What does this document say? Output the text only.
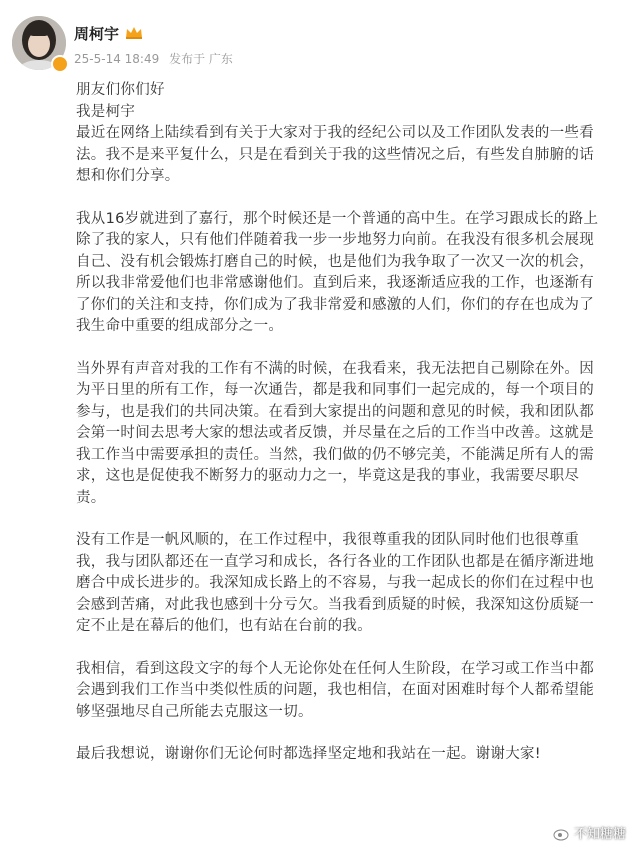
周柯宇
25-5-14 18:49 发布于 广东
朋友们你们好
我是柯宇
最近在网络上陆续看到有关于大家对于我的经纪公司以及工作团队发表的一些看
法。我不是来平复什么，只是在看到关于我的这些情况之后，有些发自肺腑的话
想和你们分享。
我从16岁就进到了嘉行，那个时候还是一个普通的高中生。在学习跟成长的路上
除了我的家人，只有他们伴随着我一步一步地努力向前。在我没有很多机会展现
自己、没有机会锻炼打磨自己的时候，也是他们为我争取了一次又一次的机会，
所以我非常爱他们也非常感谢他们。直到后来，我逐渐适应我的工作，也逐渐有
了你们的关注和支持，你们成为了我非常爱和感激的人们，你们的存在也成为了
我生命中重要的组成部分之一。
当外界有声音对我的工作有不满的时候，在我看来，我无法把自己剔除在外。因
为平日里的所有工作，每一次通告，都是我和同事们一起完成的，每一个项目的
参与，也是我们的共同决策。在看到大家提出的问题和意见的时候，我和团队都
会第一时间去思考大家的想法或者反馈，并尽量在之后的工作当中改善。这就是
我工作当中需要承担的责任。当然，我们做的仍不够完美，不能满足所有人的需
求，这也是促使我不断努力的驱动力之一，毕竟这是我的事业，我需要尽职尽
责。
没有工作是一帆风顺的，在工作过程中，我很尊重我的团队同时他们也很尊重
我，我与团队都还在一直学习和成长，各行各业的工作团队也都是在循序渐进地
磨合中成长进步的。我深知成长路上的不容易，与我一起成长的你们在过程中也
会感到苦痛，对此我也感到十分亏欠。当我看到质疑的时候，我深知这份质疑一
定不止是在幕后的他们，也有站在台前的我。
我相信，看到这段文字的每个人无论你处在任何人生阶段，在学习或工作当中都
会遇到我们工作当中类似性质的问题，我也相信，在面对困难时每个人都希望能
够坚强地尽自己所能去克服这一切。
最后我想说，谢谢你们无论何时都选择坚定地和我站在一起。谢谢大家!
不知糖糖
